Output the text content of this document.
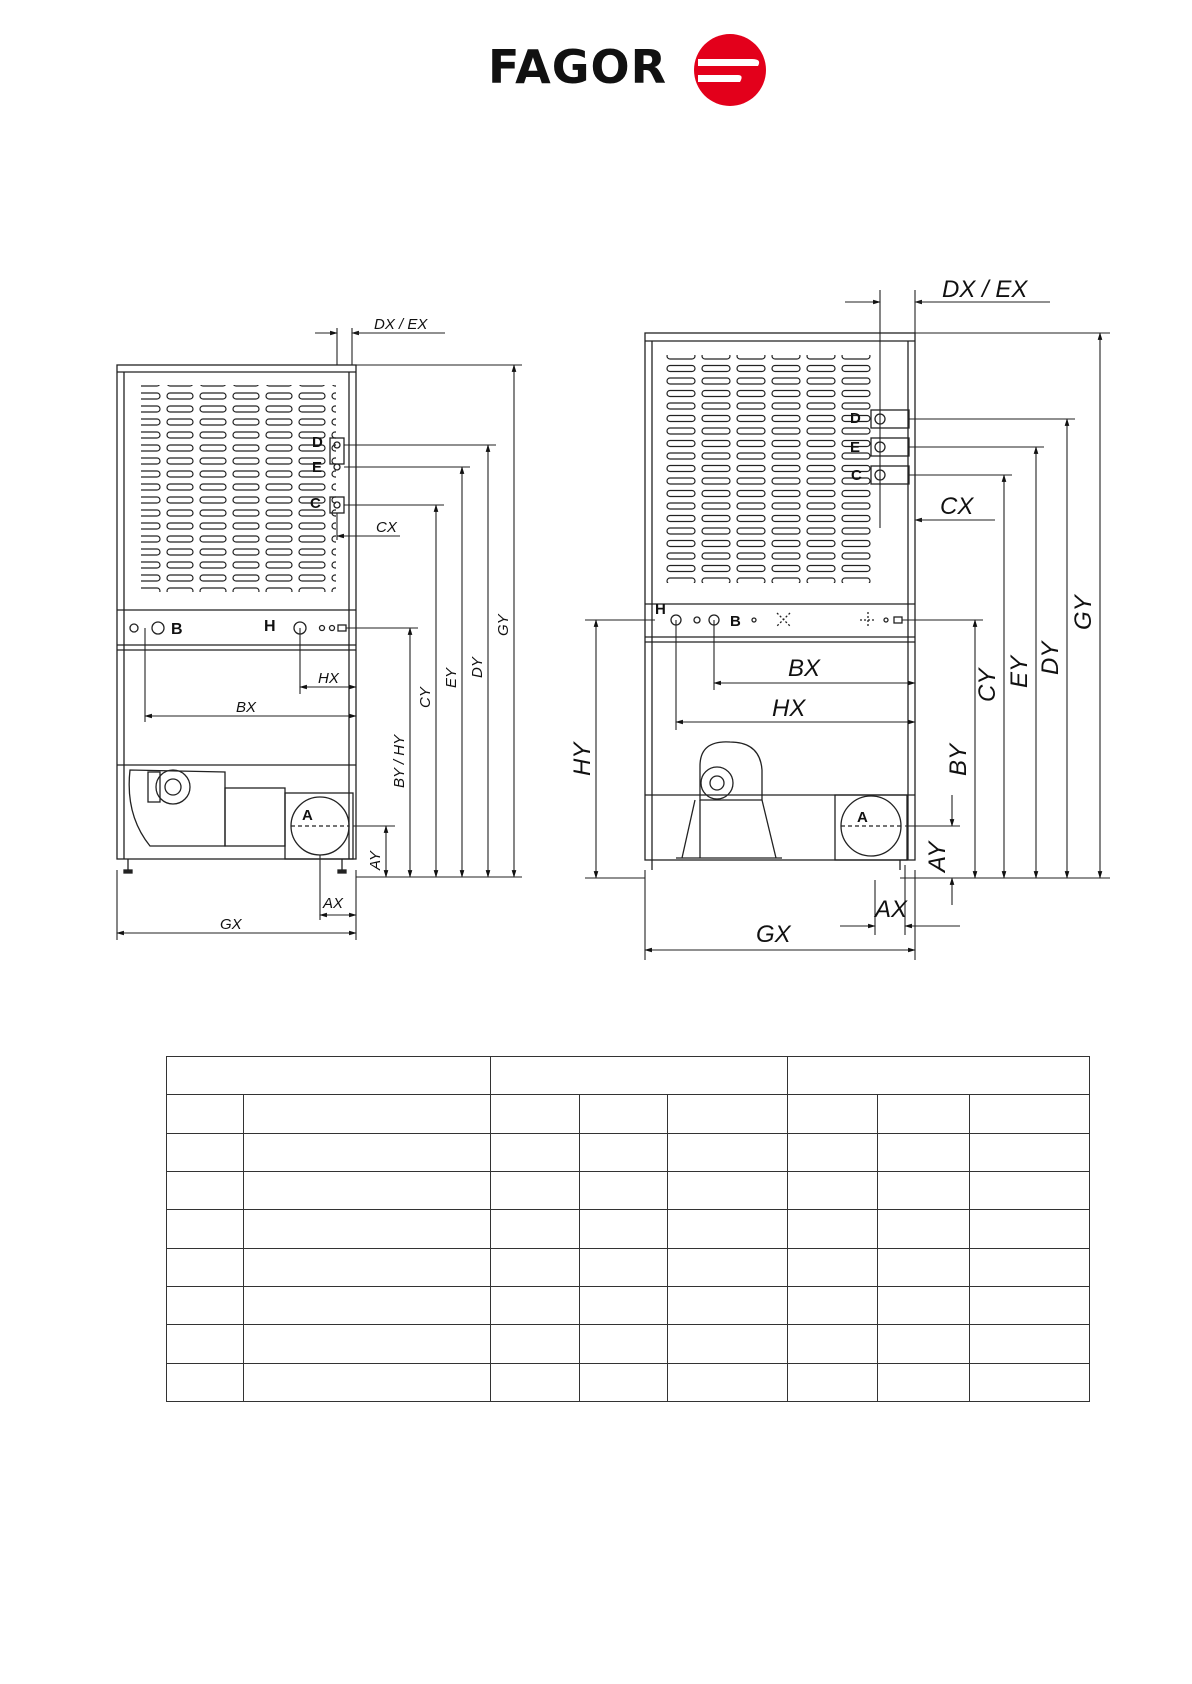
FAGOR
D
E
C
B	H
A
DX / EX
CX
HX
BX
GX
AX
AY
BY / HY
CY
EY DY
GY
D
E
C
H
B
A
DX / EX
CX
BX
HX
GX
AX
HY	BY
AY
CY EY DY
GY
